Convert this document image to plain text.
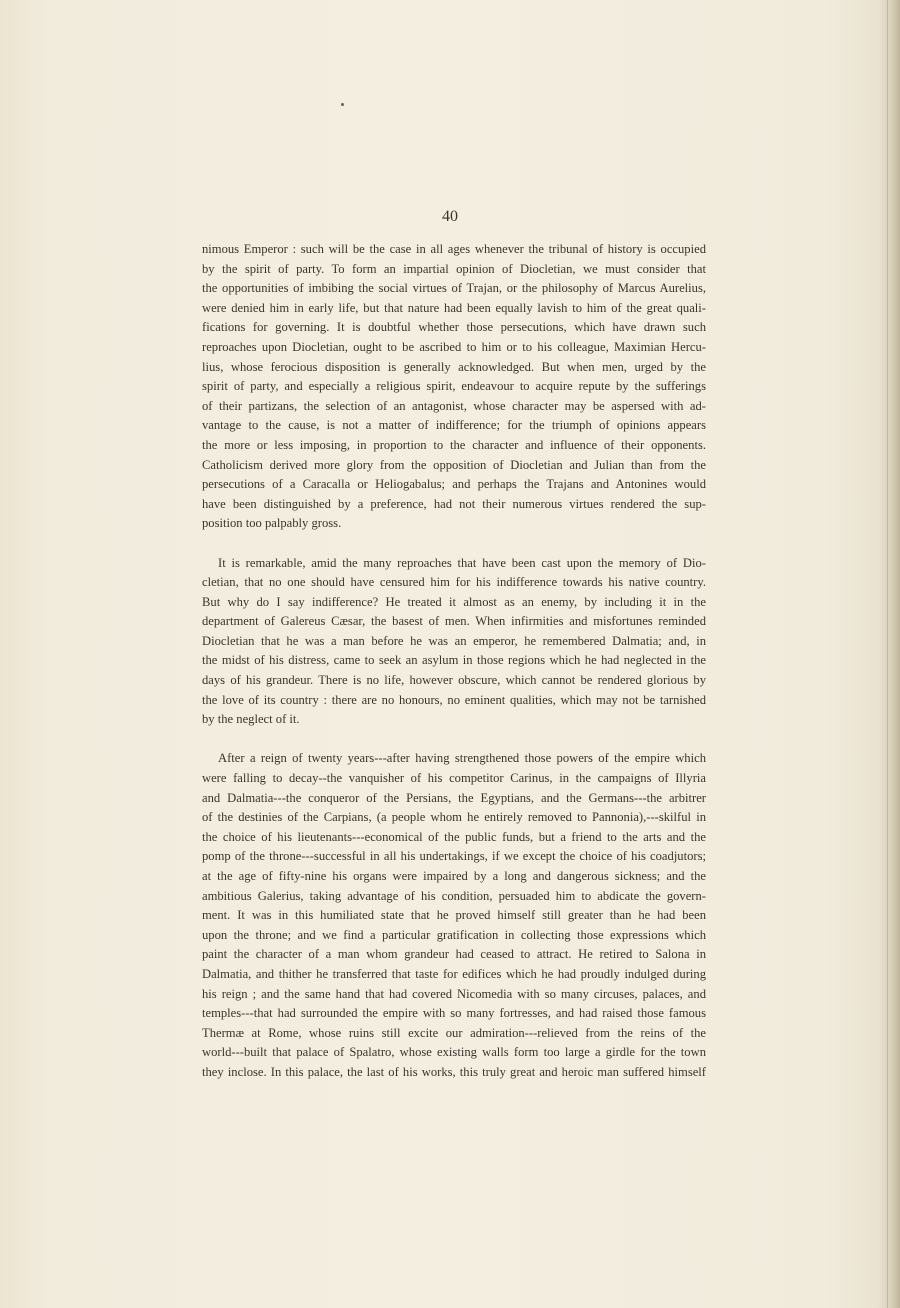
40
nimous Emperor : such will be the case in all ages whenever the tribunal of history is occupied
by the spirit of party. To form an impartial opinion of Diocletian, we must consider that
the opportunities of imbibing the social virtues of Trajan, or the philosophy of Marcus Aurelius,
were denied him in early life, but that nature had been equally lavish to him of the great quali-
fications for governing. It is doubtful whether those persecutions, which have drawn such
reproaches upon Diocletian, ought to be ascribed to him or to his colleague, Maximian Hercu-
lius, whose ferocious disposition is generally acknowledged. But when men, urged by the
spirit of party, and especially a religious spirit, endeavour to acquire repute by the sufferings
of their partizans, the selection of an antagonist, whose character may be aspersed with ad-
vantage to the cause, is not a matter of indifference; for the triumph of opinions appears
the more or less imposing, in proportion to the character and influence of their opponents.
Catholicism derived more glory from the opposition of Diocletian and Julian than from the
persecutions of a Caracalla or Heliogabalus; and perhaps the Trajans and Antonines would
have been distinguished by a preference, had not their numerous virtues rendered the sup-
position too palpably gross.
It is remarkable, amid the many reproaches that have been cast upon the memory of Dio-
cletian, that no one should have censured him for his indifference towards his native country.
But why do I say indifference? He treated it almost as an enemy, by including it in the
department of Galereus Cæsar, the basest of men. When infirmities and misfortunes reminded
Diocletian that he was a man before he was an emperor, he remembered Dalmatia; and, in
the midst of his distress, came to seek an asylum in those regions which he had neglected in the
days of his grandeur. There is no life, however obscure, which cannot be rendered glorious by
the love of its country : there are no honours, no eminent qualities, which may not be tarnished
by the neglect of it.
After a reign of twenty years---after having strengthened those powers of the empire which
were falling to decay--the vanquisher of his competitor Carinus, in the campaigns of Illyria
and Dalmatia---the conqueror of the Persians, the Egyptians, and the Germans---the arbitrer
of the destinies of the Carpians, (a people whom he entirely removed to Pannonia),---skilful in
the choice of his lieutenants---economical of the public funds, but a friend to the arts and the
pomp of the throne---successful in all his undertakings, if we except the choice of his coadjutors;
at the age of fifty-nine his organs were impaired by a long and dangerous sickness; and the
ambitious Galerius, taking advantage of his condition, persuaded him to abdicate the govern-
ment. It was in this humiliated state that he proved himself still greater than he had been
upon the throne; and we find a particular gratification in collecting those expressions which
paint the character of a man whom grandeur had ceased to attract. He retired to Salona in
Dalmatia, and thither he transferred that taste for edifices which he had proudly indulged during
his reign ; and the same hand that had covered Nicomedia with so many circuses, palaces, and
temples---that had surrounded the empire with so many fortresses, and had raised those famous
Thermæ at Rome, whose ruins still excite our admiration---relieved from the reins of the
world---built that palace of Spalatro, whose existing walls form too large a girdle for the town
they inclose. In this palace, the last of his works, this truly great and heroic man suffered himself
